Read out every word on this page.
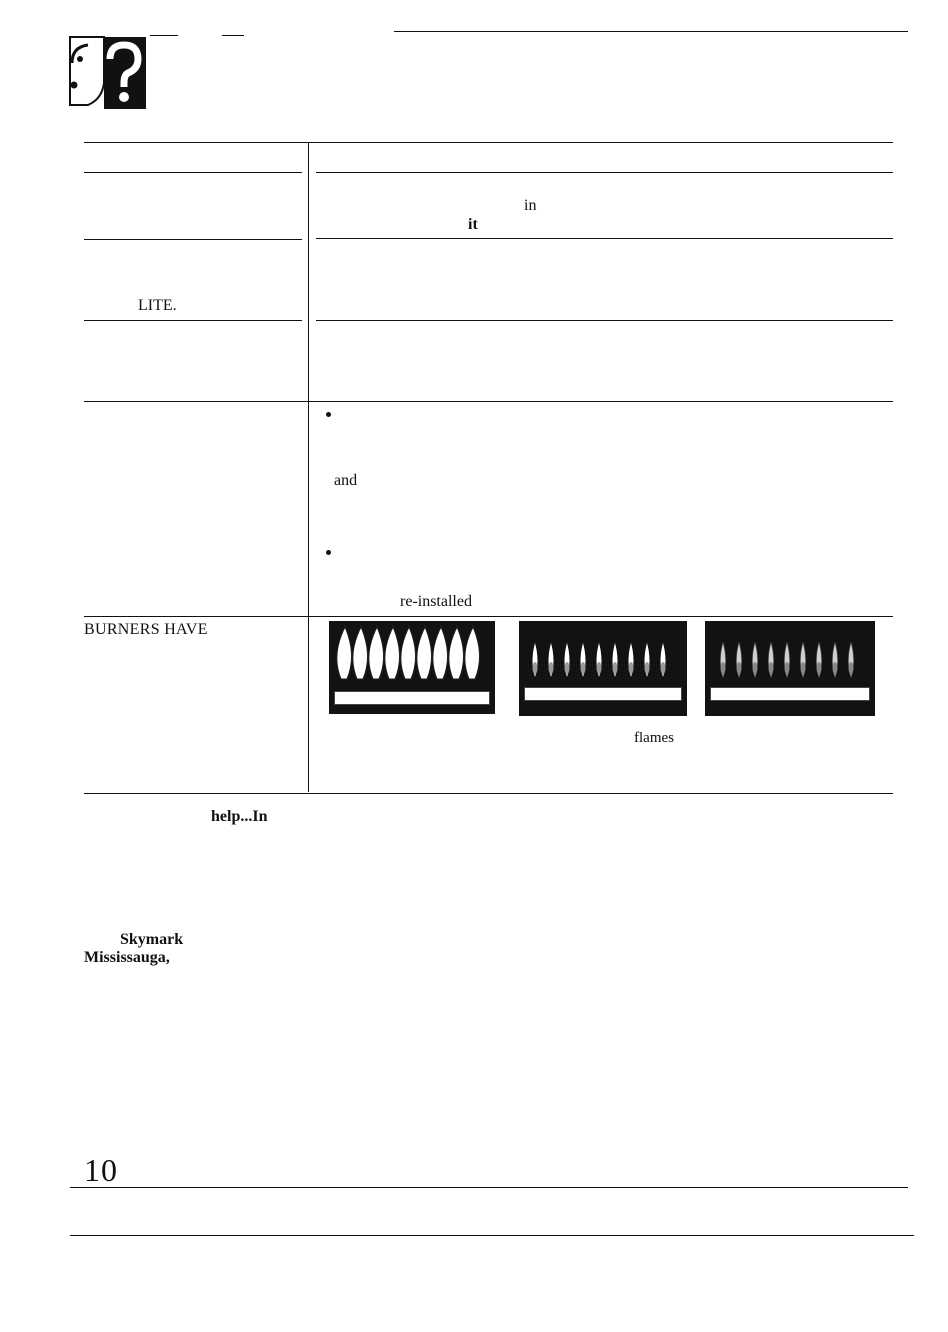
in
it
LITE.
and
re-installed
BURNERS HAVE
flames
help...In
Skymark
Mississauga,
10
